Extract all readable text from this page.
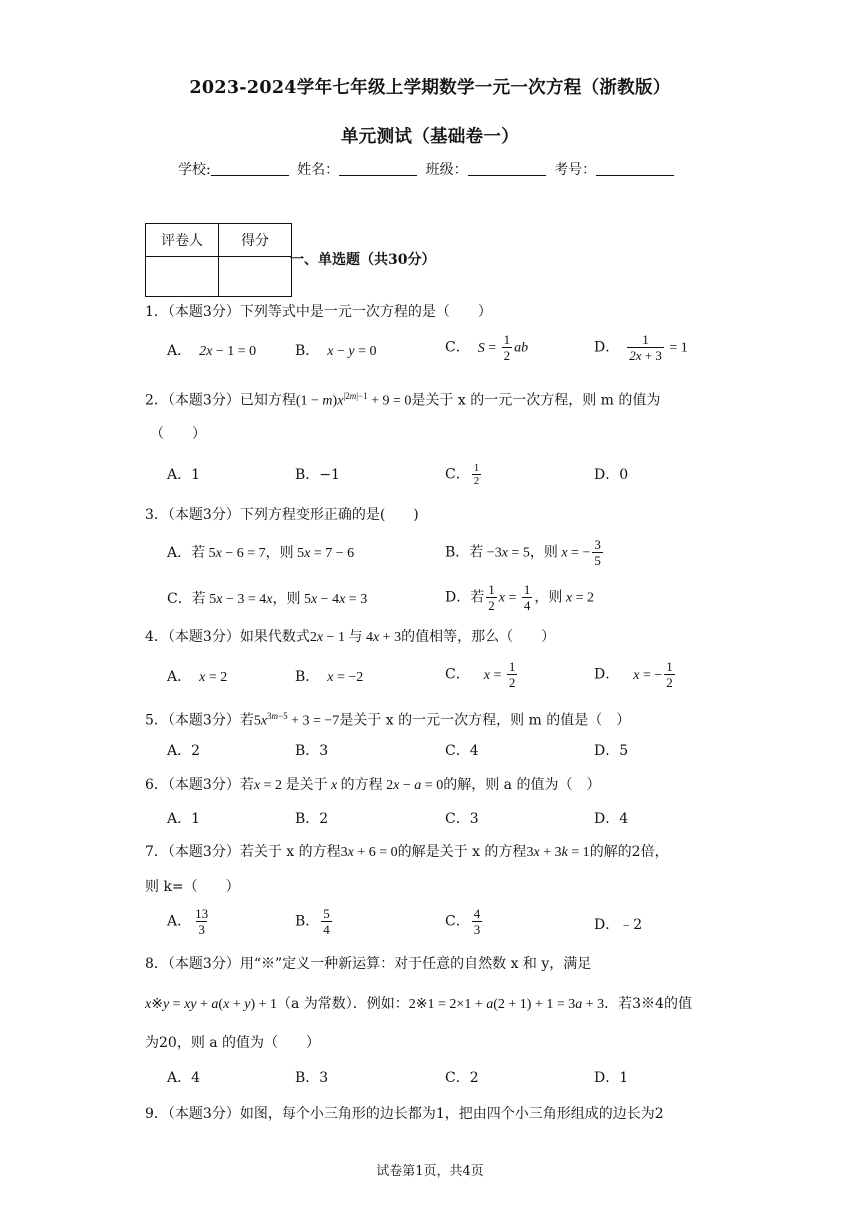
2023-2024学年七年级上学期数学一元一次方程（浙教版）
单元测试（基础卷一）
学校:	姓名：	班级：	考号：
评卷人	得分

一、单选题（共30分）
1．（本题3分）下列等式中是一元一次方程的是（　　）
A． 2x − 1 = 0	B． x − y = 0	C． $S = \frac{1}{2}$ ab	D． $\frac{1}{2x + 3} = 1$
2．（本题3分）已知方程$(1 - m)x^{|2m|-1} + 9 = 0$是关于 x 的一元一次方程，则 m 的值为
（　　）
A．1	B．−1	C． $\frac{1}{2}$	D．0
3．（本题3分）下列方程变形正确的是(　　)
A．若 5x − 6 = 7，则 5x = 7 − 6	B．若 −3x = 5，则 x = − $\frac{3}{5}$
C．若 5x − 3 = 4x，则 5x − 4x = 3	D．若 $\frac{1}{2}$ $x = \frac{1}{4}$ ，则 x = 2
4．（本题3分）如果代数式2x − 1 与 4x + 3的值相等，那么（　　）
A． x = 2	B． x = −2	C． $x = \frac{1}{2}$	D． x = − $\frac{1}{2}$
5．（本题3分）若$5x^{3m-5} + 3 = -7$是关于 x 的一元一次方程，则 m 的值是（　）
A．2	B．3	C．4	D．5
6．（本题3分）若x = 2 是关于 x 的方程 2x − a = 0的解，则 a 的值为（　）
A．1	B．2	C．3	D．4
7．（本题3分）若关于 x 的方程3x + 6 = 0的解是关于 x 的方程3x + 3k = 1的解的2倍，
则 k=（　　）
A． $\frac{13}{3}$	B． $\frac{5}{4}$	C． $\frac{4}{3}$	D．﹣2
8．（本题3分）用“※”定义一种新运算：对于任意的自然数 x 和 y，满足
x※y = xy + a(x + y) + 1（a 为常数）．例如：2※1 = 2×1 + a(2 + 1) + 1 = 3a + 3．若3※4的值
为20，则 a 的值为（　　）
A．4	B．3	C．2	D．1
9．（本题3分）如图，每个小三角形的边长都为1，把由四个小三角形组成的边长为2
试卷第1页，共4页
